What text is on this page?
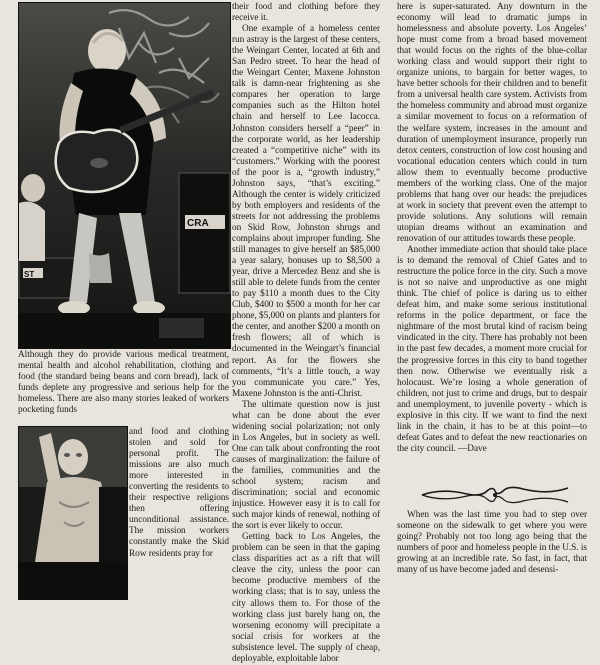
CRA
ST

their food and clothing before they receive it.

One example of a homeless center run astray is the largest of these centers, the Weingart Center, located at 6th and San Pedro street. To hear the head of the Weingart Center, Maxene Johnston talk is damn-near frightening as she compares her operation to large companies such as the Hilton hotel chain and herself to Lee Iacocca. Johnston considers herself a “peer” in the corporate world, as her leadership created a “competitive niche” with its “customers.” Working with the poorest of the poor is a, “growth industry,” Johnston says, “that’s exciting.” Although the center is widely criticized by both employers and residents of the streets for not addressing the problems on Skid Row, Johnston shrugs and complains about improper funding. She still manages to give herself an $85,000 a year salary, bonuses up to $8,500 a year, drive a Mercedez Benz and she is still able to delete funds from the center to pay $110 a month dues to the City Club, $400 to $500 a month for her car phone, $5,000 on plants and planters for the center, and another $200 a month on fresh flowers; all of which is documented in the Weingart’s financial report. As for the flowers she comments, “It’s a little touch, a way you communicate you care.” Yes, Maxene Johnston is the anti-Christ.

The ultimate question now is just what can be done about the ever widening social polarization; not only in Los Angeles, but in society as well. One can talk about confronting the root causes of marginalization: the failure of the families, communities and the school system; racism and discrimination; social and economic injustice. However easy it is to call for such major kinds of renewal, nothing of the sort is ever likely to occur.

Getting back to Los Angeles, the problem can be seen in that the gaping class disparities act as a rift that will cleave the city, unless the poor can become productive members of the working class; that is to say, unless the city allows them to. For those of the working class just barely hang on, the worsening economy will precipitate a social crisis for workers at the subsistence level. The supply of cheap, deployable, exploitable labor

Although they do provide various medical treatment, mental health and alcohol rehabilitation, clothing and food (the standard being beans and corn bread), lack of funds deplete any progressive and serious help for the homeless. There are also many stories leaked of workers pocketing funds

and food and clothing stolen and sold for personal profit. The missions are also much more interested in converting the residents to their respective religions then offering unconditional assistance. The mission workers constantly make the Skid Row residents pray for

here is super-saturated. Any downturn in the economy will lead to dramatic jumps in homelessness and absolute poverty. Los Angeles’ hope must come from a broad based movement that would focus on the rights of the blue-collar working class and would support their right to organize unions, to bargain for better wages, to have better schools for their children and to benefit from a universal health care system. Activists from the homeless community and abroad must organize a similar movement to focus on a reformation of the welfare system, increases in the amount and duration of unemployment insurance, properly run detox centers, construction of low cost housing and vocational education centers which could in turn allow them to eventually become productive members of the working class. One of the major problems that hang over our heads: the prejudices at work in society that prevent even the attempt to provide solutions. Any solutions will remain utopian dreams without an examination and renovation of our attitudes towards these people.

Another immediate action that should take place is to demand the removal of Chief Gates and to restructure the police force in the city. Such a move is not so naive and unproductive as one might think. The chief of police is daring us to either defeat him, and make some serious institutional reforms in the police department, or face the nightmare of the most brutal kind of racism being vindicated in the city. There has probably not been in the past few decades, a moment more crucial for the progressive forces in this city to band together then now. Otherwise we eventually risk a holocaust. We’re losing a whole generation of children, not just to crime and drugs, but to despair and unemployment, to juvenile poverty - which is explosive in this city. If we want to find the next link in the chain, it has to be at this point—to defeat Gates and to defeat the new reactionaries on the city council. —Dave

When was the last time you had to step over someone on the sidewalk to get where you were going? Probably not too long ago being that the numbers of poor and homeless people in the U.S. is growing at an incredible rate. So fast, in fact, that many of us have become jaded and desensi-
